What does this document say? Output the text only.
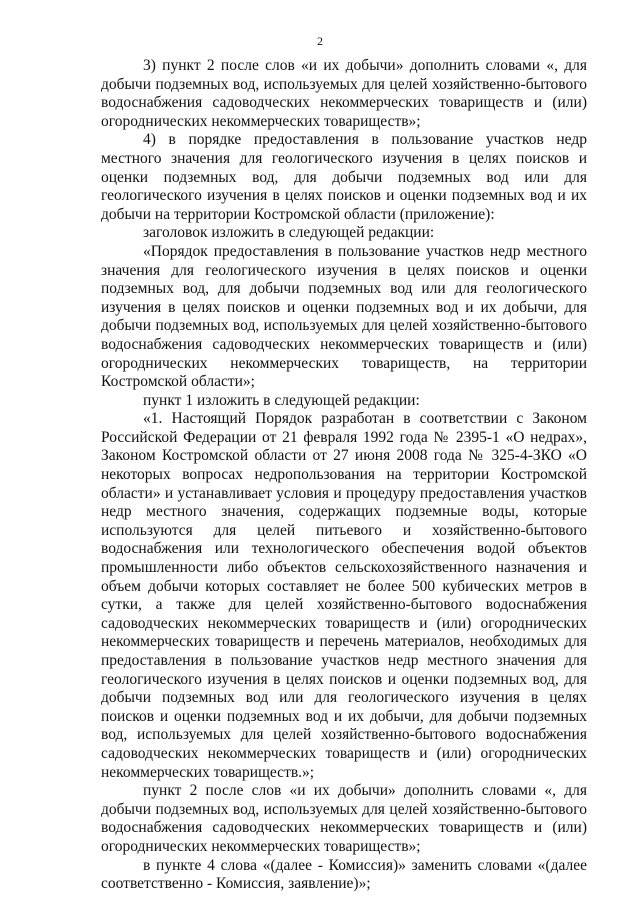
2

3) пункт 2 после слов «и их добычи» дополнить словами «, для добычи подземных вод, используемых для целей хозяйственно-бытового водоснабжения садоводческих некоммерческих товариществ и (или) огороднических некоммерческих товариществ»;

4) в порядке предоставления в пользование участков недр местного значения для геологического изучения в целях поисков и оценки подземных вод, для добычи подземных вод или для геологического изучения в целях поисков и оценки подземных вод и их добычи на территории Костромской области (приложение):

заголовок изложить в следующей редакции:

«Порядок предоставления в пользование участков недр местного значения для геологического изучения в целях поисков и оценки подземных вод, для добычи подземных вод или для геологического изучения в целях поисков и оценки подземных вод и их добычи, для добычи подземных вод, используемых для целей хозяйственно-бытового водоснабжения садоводческих некоммерческих товариществ и (или) огороднических некоммерческих товариществ, на территории Костромской области»;

пункт 1 изложить в следующей редакции:

«1. Настоящий Порядок разработан в соответствии с Законом Российской Федерации от 21 февраля 1992 года № 2395-1 «О недрах», Законом Костромской области от 27 июня 2008 года № 325-4-ЗКО «О некоторых вопросах недропользования на территории Костромской области» и устанавливает условия и процедуру предоставления участков недр местного значения, содержащих подземные воды, которые используются для целей питьевого и хозяйственно-бытового водоснабжения или технологического обеспечения водой объектов промышленности либо объектов сельскохозяйственного назначения и объем добычи которых составляет не более 500 кубических метров в сутки, а также для целей хозяйственно-бытового водоснабжения садоводческих некоммерческих товариществ и (или) огороднических некоммерческих товариществ и перечень материалов, необходимых для предоставления в пользование участков недр местного значения для геологического изучения в целях поисков и оценки подземных вод, для добычи подземных вод или для геологического изучения в целях поисков и оценки подземных вод и их добычи, для добычи подземных вод, используемых для целей хозяйственно-бытового водоснабжения садоводческих некоммерческих товариществ и (или) огороднических некоммерческих товариществ.»;

пункт 2 после слов «и их добычи» дополнить словами «, для добычи подземных вод, используемых для целей хозяйственно-бытового водоснабжения садоводческих некоммерческих товариществ и (или) огороднических некоммерческих товариществ»;

в пункте 4 слова «(далее - Комиссия)» заменить словами «(далее соответственно - Комиссия, заявление)»;
